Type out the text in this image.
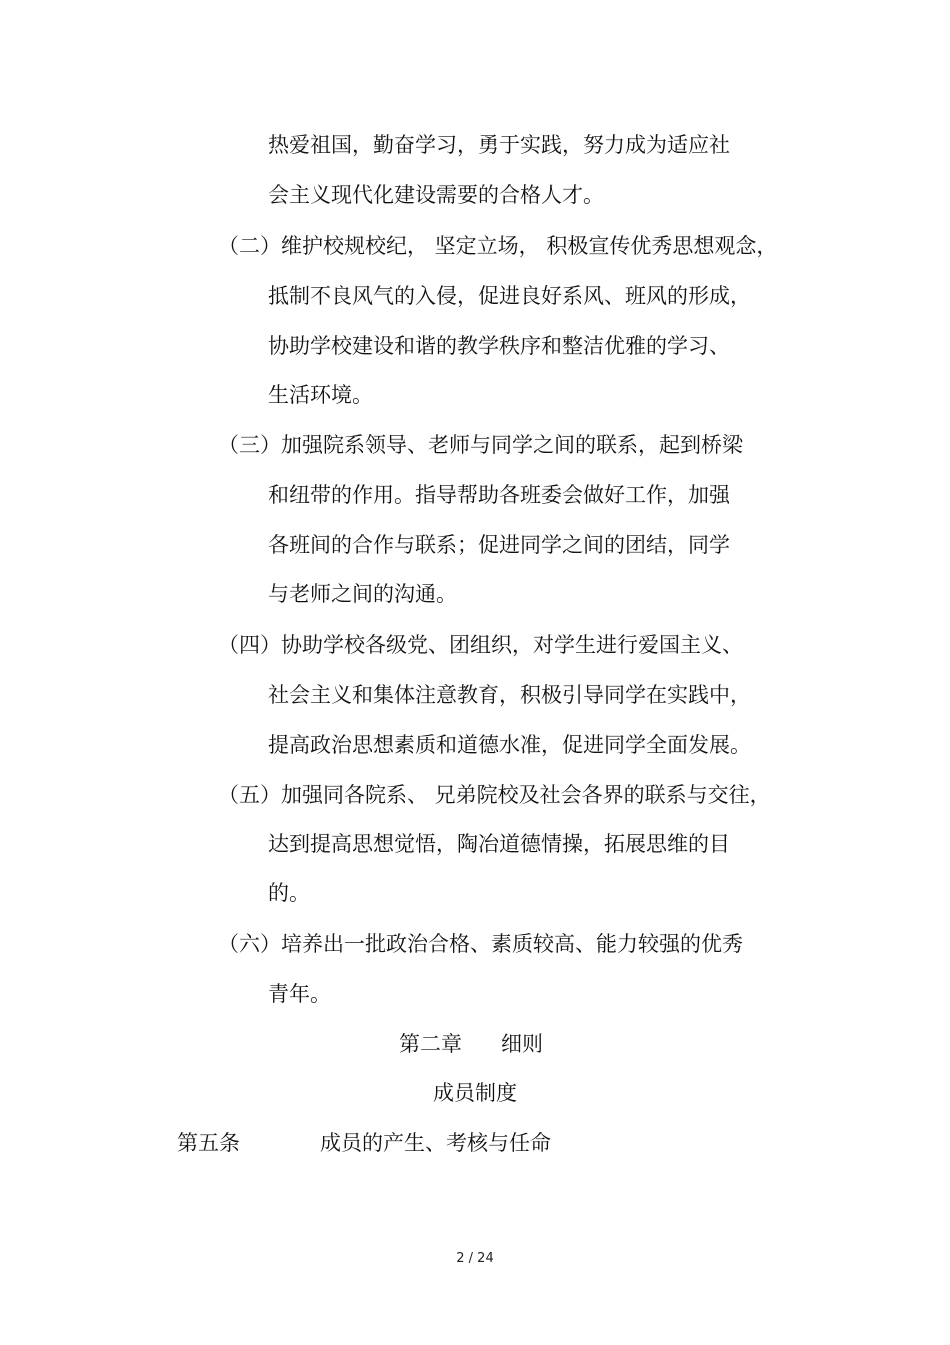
热爱祖国，勤奋学习，勇于实践，努力成为适应社
会主义现代化建设需要的合格人才。
（二）维护校规校纪， 坚定立场， 积极宣传优秀思想观念，
抵制不良风气的入侵，促进良好系风、班风的形成，
协助学校建设和谐的教学秩序和整洁优雅的学习、
生活环境。
（三）加强院系领导、老师与同学之间的联系，起到桥梁
和纽带的作用。指导帮助各班委会做好工作，加强
各班间的合作与联系；促进同学之间的团结，同学
与老师之间的沟通。
（四）协助学校各级党、团组织，对学生进行爱国主义、
社会主义和集体注意教育，积极引导同学在实践中，
提高政治思想素质和道德水准，促进同学全面发展。
（五）加强同各院系、 兄弟院校及社会各界的联系与交往，
达到提高思想觉悟，陶冶道德情操，拓展思维的目
的。
（六）培养出一批政治合格、素质较高、能力较强的优秀
青年。
第二章 细则
成员制度
第五条	成员的产生、考核与任命
2 / 24
